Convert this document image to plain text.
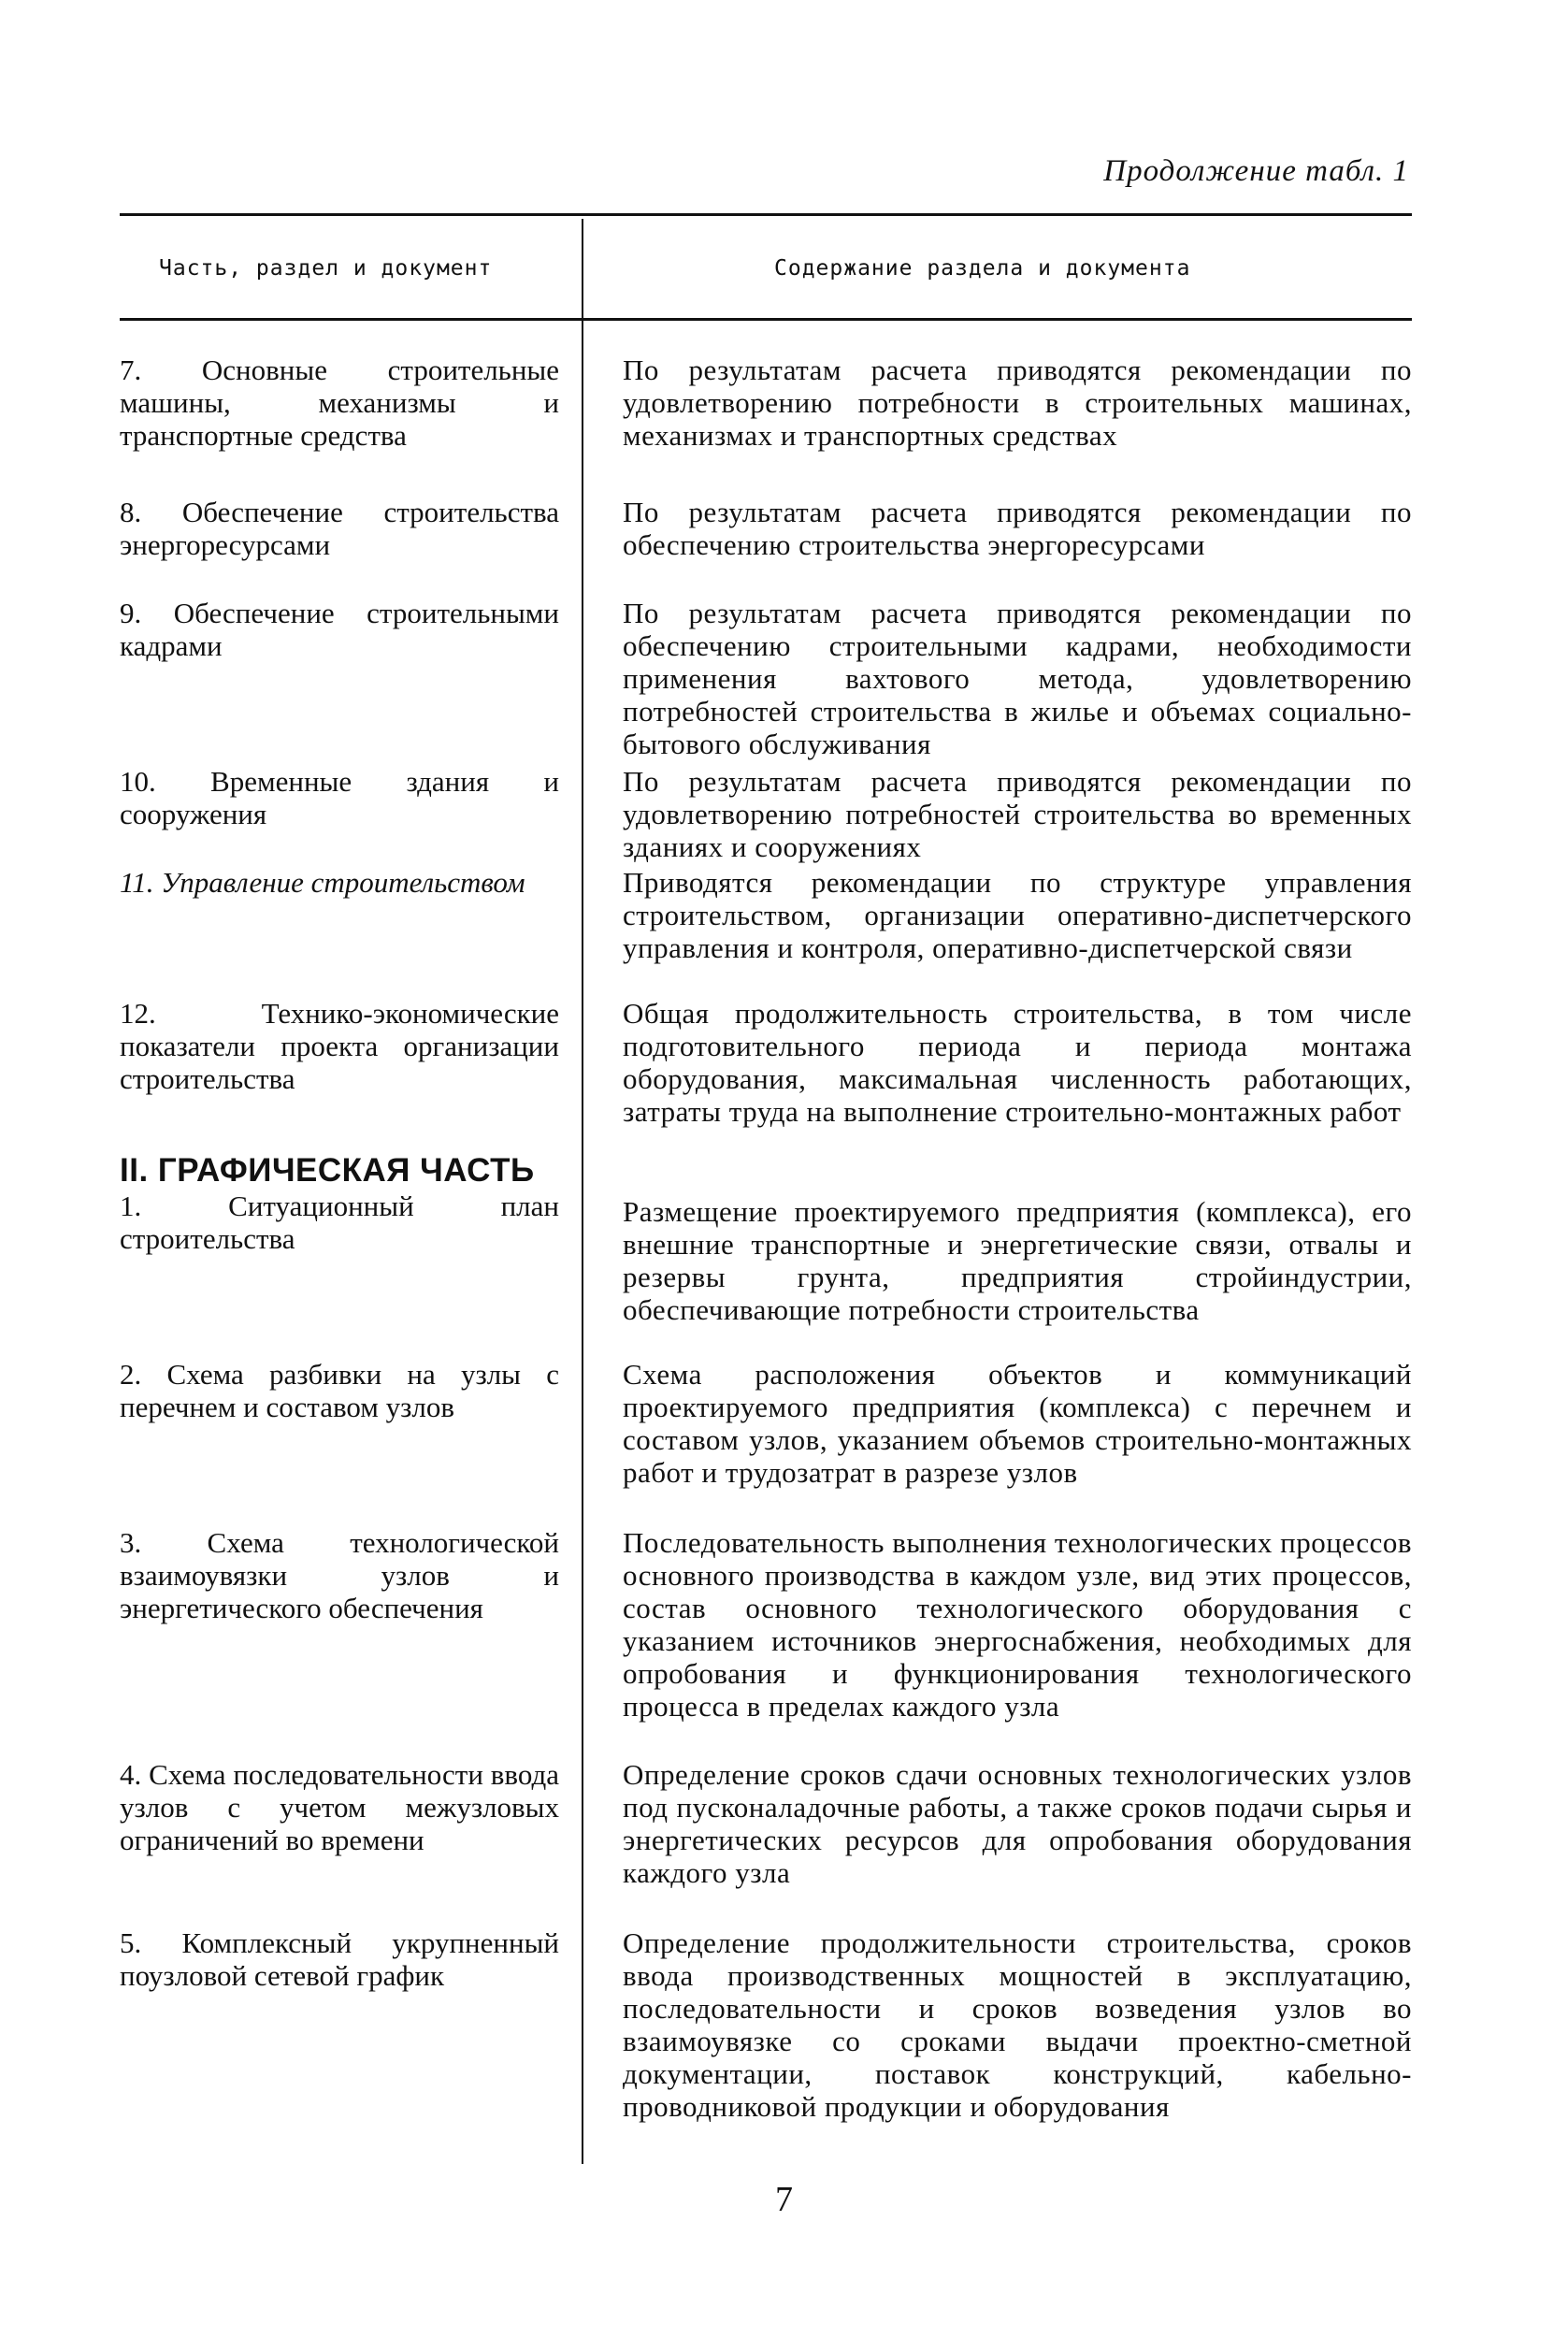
Продолжение табл. 1
Часть, раздел и документ	Содержание раздела и документа
7. Основные строительные машины, механизмы и транспортные средства
По результатам расчета приводятся рекомендации по удовлетворению потребности в строительных машинах, механизмах и транспортных средствах
8. Обеспечение строительства энергоресурсами
По результатам расчета приводятся рекомендации по обеспечению строительства энергоресурсами
9. Обеспечение строительными кадрами
По результатам расчета приводятся рекомендации по обеспечению строительными кадрами, необходимости применения вахтового метода, удовлетворению потребностей строительства в жилье и объемах социально-бытового обслуживания
10. Временные здания и сооружения
По результатам расчета приводятся рекомендации по удовлетворению потребностей строительства во временных зданиях и сооружениях
11. Управление строительством	Приводятся рекомендации по структуре управления строительством, организации оперативно-диспетчерского управления и контроля, оперативно-диспетчерской связи
12. Технико-экономические показатели проекта организации строительства
Общая продолжительность строительства, в том числе подготовительного периода и периода монтажа оборудования, максимальная численность работающих, затраты труда на выполнение строительно-монтажных работ
II. ГРАФИЧЕСКАЯ ЧАСТЬ
1. Ситуационный план строительства
Размещение проектируемого предприятия (комплекса), его внешние транспортные и энергетические связи, отвалы и резервы грунта, предприятия стройиндустрии, обеспечивающие потребности строительства
2. Схема разбивки на узлы с перечнем и составом узлов
Схема расположения объектов и коммуникаций проектируемого предприятия (комплекса) с перечнем и составом узлов, указанием объемов строительно-монтажных работ и трудозатрат в разрезе узлов
3. Схема технологической взаимоувязки узлов и энергетического обеспечения
Последовательность выполнения технологических процессов основного производства в каждом узле, вид этих процессов, состав основного технологического оборудования с указанием источников энергоснабжения, необходимых для опробования и функционирования технологического процесса в пределах каждого узла
4. Схема последовательности ввода узлов с учетом межузловых ограничений во времени
Определение сроков сдачи основных технологических узлов под пусконаладочные работы, а также сроков подачи сырья и энергетических ресурсов для опробования оборудования каждого узла
5. Комплексный укрупненный поузловой сетевой график
Определение продолжительности строительства, сроков ввода производственных мощностей в эксплуатацию, последовательности и сроков возведения узлов во взаимоувязке со сроками выдачи проектно-сметной документации, поставок конструкций, кабельно-проводниковой продукции и оборудования
7
